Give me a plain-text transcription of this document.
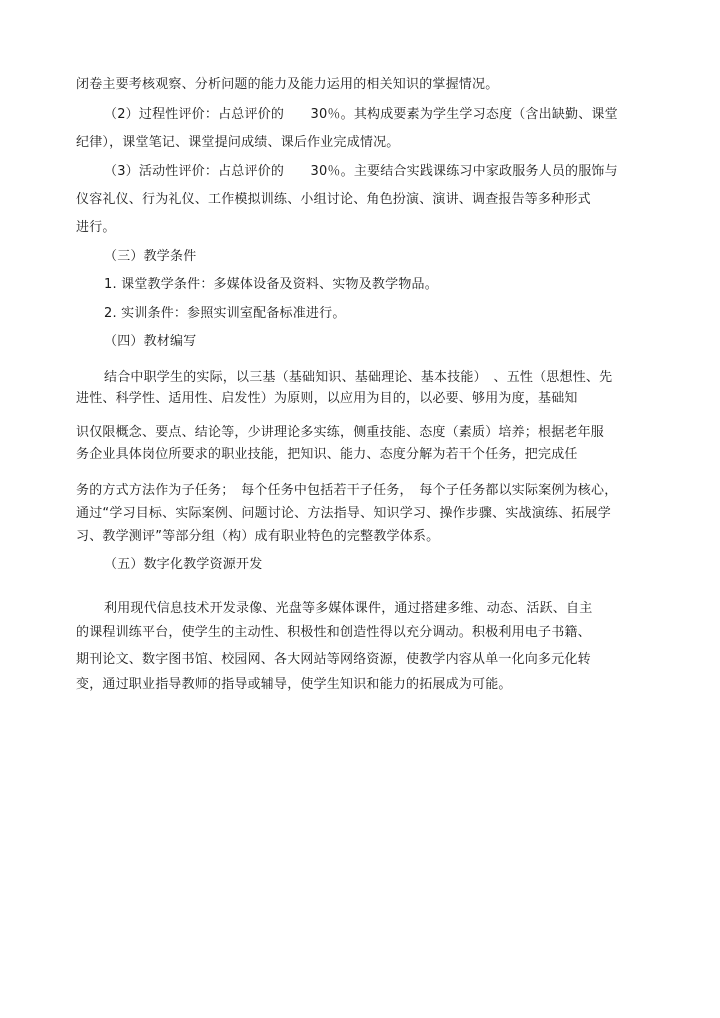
闭卷主要考核观察、分析问题的能力及能力运用的相关知识的掌握情况。
（2）过程性评价：占总评价的　　30％。其构成要素为学生学习态度（含出缺勤、课堂
纪律），课堂笔记、课堂提问成绩、课后作业完成情况。
（3）活动性评价：占总评价的　　30％。主要结合实践课练习中家政服务人员的服饰与
仪容礼仪、行为礼仪、工作模拟训练、小组讨论、角色扮演、演讲、调查报告等多种形式
进行。
（三）教学条件
1. 课堂教学条件：多媒体设备及资料、实物及教学物品。
2. 实训条件：参照实训室配备标准进行。
（四）教材编写
结合中职学生的实际，以三基（基础知识、基础理论、基本技能）　、五性（思想性、先
进性、科学性、适用性、启发性）为原则，以应用为目的，以必要、够用为度，基础知
识仅限概念、要点、结论等，少讲理论多实练，侧重技能、态度（素质）培养；根据老年服
务企业具体岗位所要求的职业技能，把知识、能力、态度分解为若干个任务，把完成任
务的方式方法作为子任务；　每个任务中包括若干子任务，　每个子任务都以实际案例为核心，
通过“学习目标、实际案例、问题讨论、方法指导、知识学习、操作步骤、实战演练、拓展学
习、教学测评”等部分组（构）成有职业特色的完整教学体系。
（五）数字化教学资源开发
利用现代信息技术开发录像、光盘等多媒体课件，通过搭建多维、动态、活跃、自主
的课程训练平台，使学生的主动性、积极性和创造性得以充分调动。积极利用电子书籍、
期刊论文、数字图书馆、校园网、各大网站等网络资源，使教学内容从单一化向多元化转
变，通过职业指导教师的指导或辅导，使学生知识和能力的拓展成为可能。
